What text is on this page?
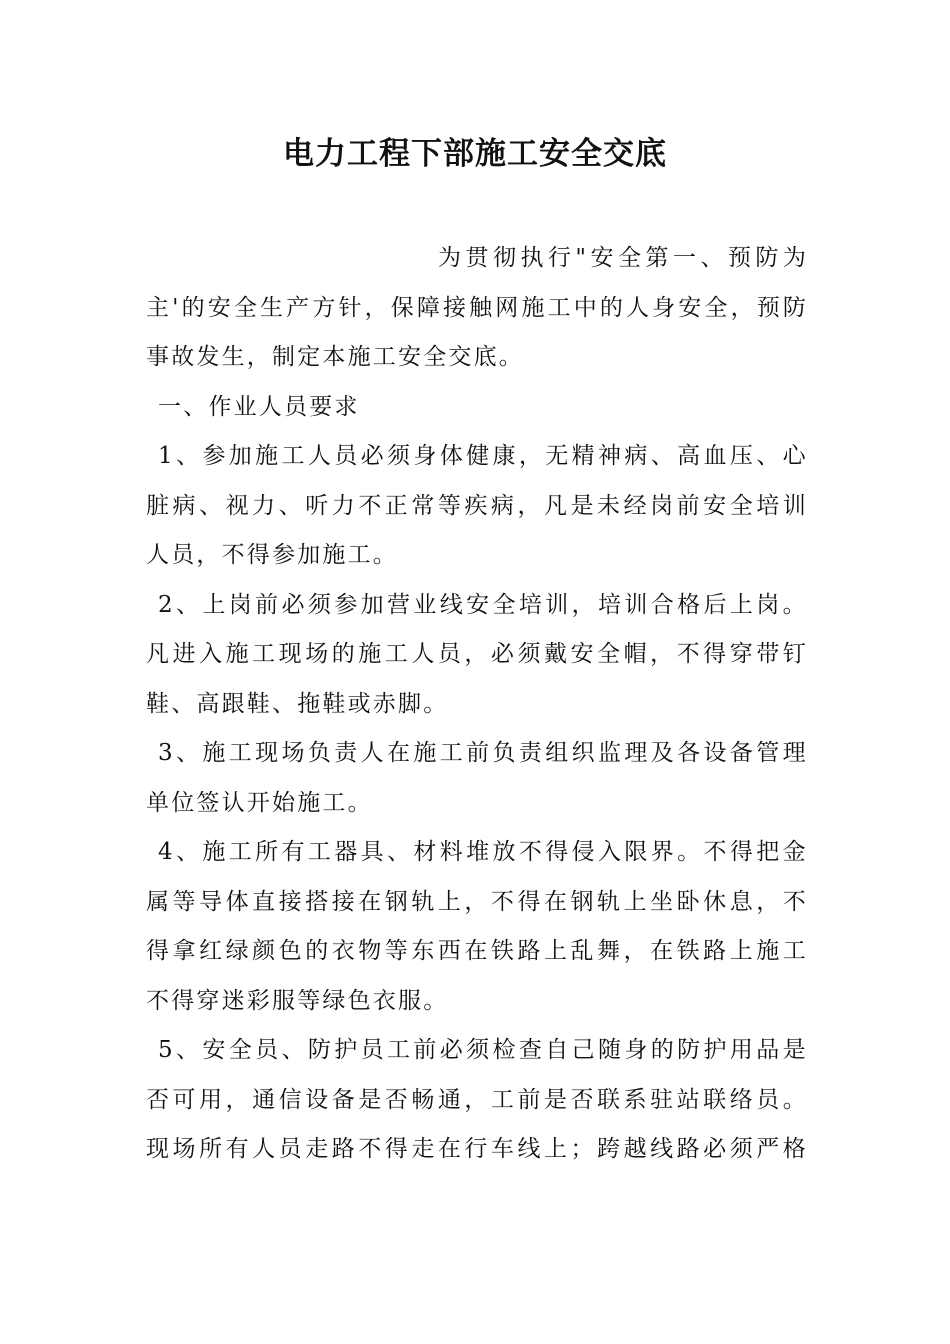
电力工程下部施工安全交底
为 贯 彻 执 行 " 安 全 第 一 、 预 防 为
主 ' 的 安 全 生 产 方 针 ， 保 障 接 触 网 施 工 中 的 人 身 安 全 ， 预 防
事故发生，制定本施工安全交底。
一、作业人员要求
1 、 参 加 施 工 人 员 必 须 身 体 健 康 ， 无 精 神 病 、 高 血 压 、 心
脏 病 、 视 力 、 听 力 不 正 常 等 疾 病 ， 凡 是 未 经 岗 前 安 全 培 训
人员，不得参加施工。
2 、 上 岗 前 必 须 参 加 营 业 线 安 全 培 训 ， 培 训 合 格 后 上 岗 。
凡 进 入 施 工 现 场 的 施 工 人 员 ， 必 须 戴 安 全 帽 ， 不 得 穿 带 钉
鞋、高跟鞋、拖鞋或赤脚。
3 、 施 工 现 场 负 责 人 在 施 工 前 负 责 组 织 监 理 及 各 设 备 管 理
单位签认开始施工。
4 、 施 工 所 有 工 器 具 、 材 料 堆 放 不 得 侵 入 限 界 。 不 得 把 金
属 等 导 体 直 接 搭 接 在 钢 轨 上 ， 不 得 在 钢 轨 上 坐 卧 休 息 ， 不
得 拿 红 绿 颜 色 的 衣 物 等 东 西 在 铁 路 上 乱 舞 ， 在 铁 路 上 施 工
不得穿迷彩服等绿色衣服。
5 、 安 全 员 、 防 护 员 工 前 必 须 检 查 自 己 随 身 的 防 护 用 品 是
否 可 用 ， 通 信 设 备 是 否 畅 通 ， 工 前 是 否 联 系 驻 站 联 络 员 。
现 场 所 有 人 员 走 路 不 得 走 在 行 车 线 上 ； 跨 越 线 路 必 须 严 格
